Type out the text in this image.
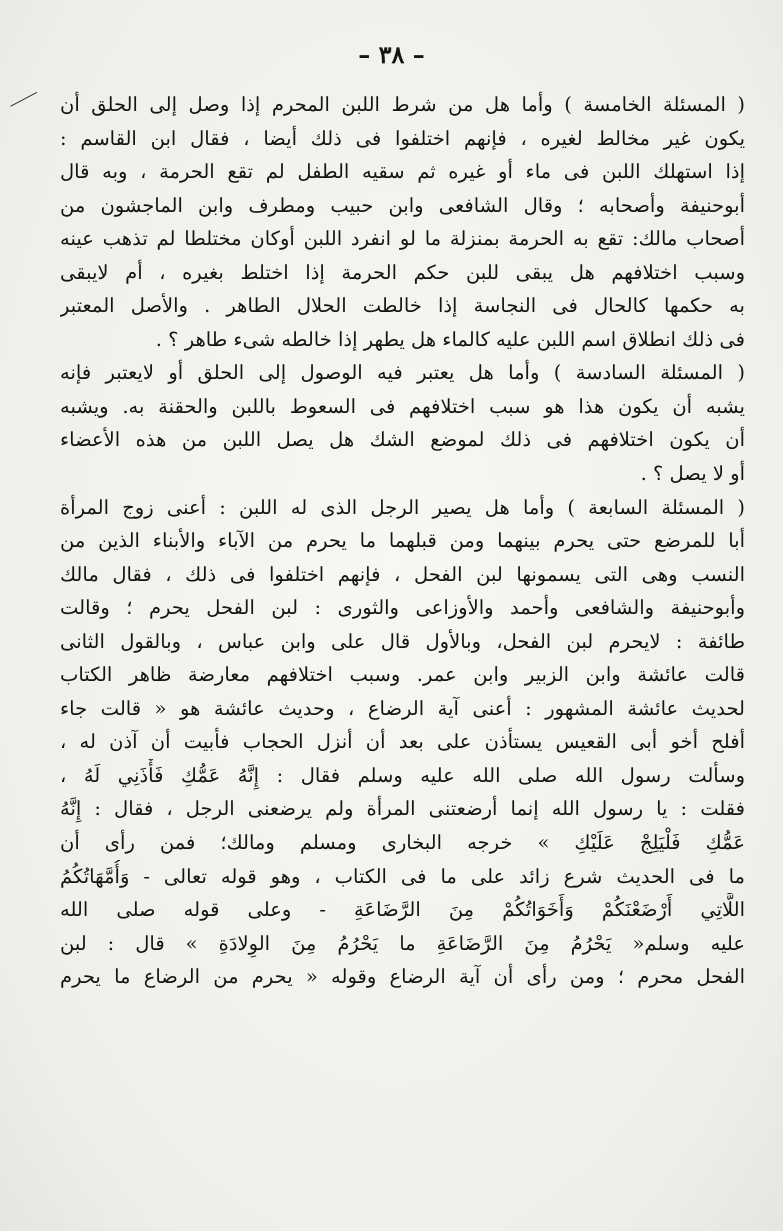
– ٣٨ –
( المسئلة الخامسة ) وأما هل من شرط اللبن المحرم إذا وصل إلى الحلق أن
يكون غير مخالط لغيره ، فإنهم اختلفوا فى ذلك أيضا ، فقال ابن القاسم :
إذا استهلك اللبن فى ماء أو غيره ثم سقيه الطفل لم تقع الحرمة ، وبه قال
أبوحنيفة وأصحابه ؛ وقال الشافعى وابن حبيب ومطرف وابن الماجشون من
أصحاب مالك: تقع به الحرمة بمنزلة ما لو انفرد اللبن أوكان مختلطا لم تذهب عينه
وسبب اختلافهم هل يبقى للبن حكم الحرمة إذا اختلط بغيره ، أم لايبقى
به حكمها كالحال فى النجاسة إذا خالطت الحلال الطاهر . والأصل المعتبر
فى ذلك انطلاق اسم اللبن عليه كالماء هل يطهر إذا خالطه شىء طاهر ؟ .
( المسئلة السادسة ) وأما هل يعتبر فيه الوصول إلى الحلق أو لايعتبر فإنه
يشبه أن يكون هذا هو سبب اختلافهم فى السعوط باللبن والحقنة به. ويشبه
أن يكون اختلافهم فى ذلك لموضع الشك هل يصل اللبن من هذه الأعضاء
أو لا يصل ؟ .
( المسئلة السابعة ) وأما هل يصير الرجل الذى له اللبن : أعنى زوج المرأة
أبا للمرضع حتى يحرم بينهما ومن قبلهما ما يحرم من الآباء والأبناء الذين من
النسب وهى التى يسمونها لبن الفحل ، فإنهم اختلفوا فى ذلك ، فقال مالك
وأبوحنيفة والشافعى وأحمد والأوزاعى والثورى : لبن الفحل يحرم ؛ وقالت
طائفة : لايحرم لبن الفحل، وبالأول قال على وابن عباس ، وبالقول الثانى
قالت عائشة وابن الزبير وابن عمر. وسبب اختلافهم معارضة ظاهر الكتاب
لحديث عائشة المشهور : أعنى آية الرضاع ، وحديث عائشة هو « قالت جاء
أفلح أخو أبى القعيس يستأذن على بعد أن أنزل الحجاب فأبيت أن آذن له ،
وسألت رسول الله صلى الله عليه وسلم فقال : إِنَّهُ عَمُّكِ فَأْذَنِي لَهُ ،
فقلت : يا رسول الله إنما أرضعتنى المرأة ولم يرضعنى الرجل ، فقال : إِنَّهُ
عَمُّكِ فَلْيَلِجْ عَلَيْكِ » خرجه البخارى ومسلم ومالك؛ فمن رأى أن
ما فى الحديث شرع زائد على ما فى الكتاب ، وهو قوله تعالى - وَأُمَّهَاتُكُمُ
اللَّاتِي أَرْضَعْنَكُمْ وَأَخَوَاتُكُمْ مِنَ الرَّضَاعَةِ - وعلى قوله صلى الله
عليه وسلم« يَحْرُمُ مِنَ الرَّضَاعَةِ ما يَحْرُمُ مِنَ الوِلادَةِ » قال : لبن
الفحل محرم ؛ ومن رأى أن آية الرضاع وقوله « يحرم من الرضاع ما يحرم
